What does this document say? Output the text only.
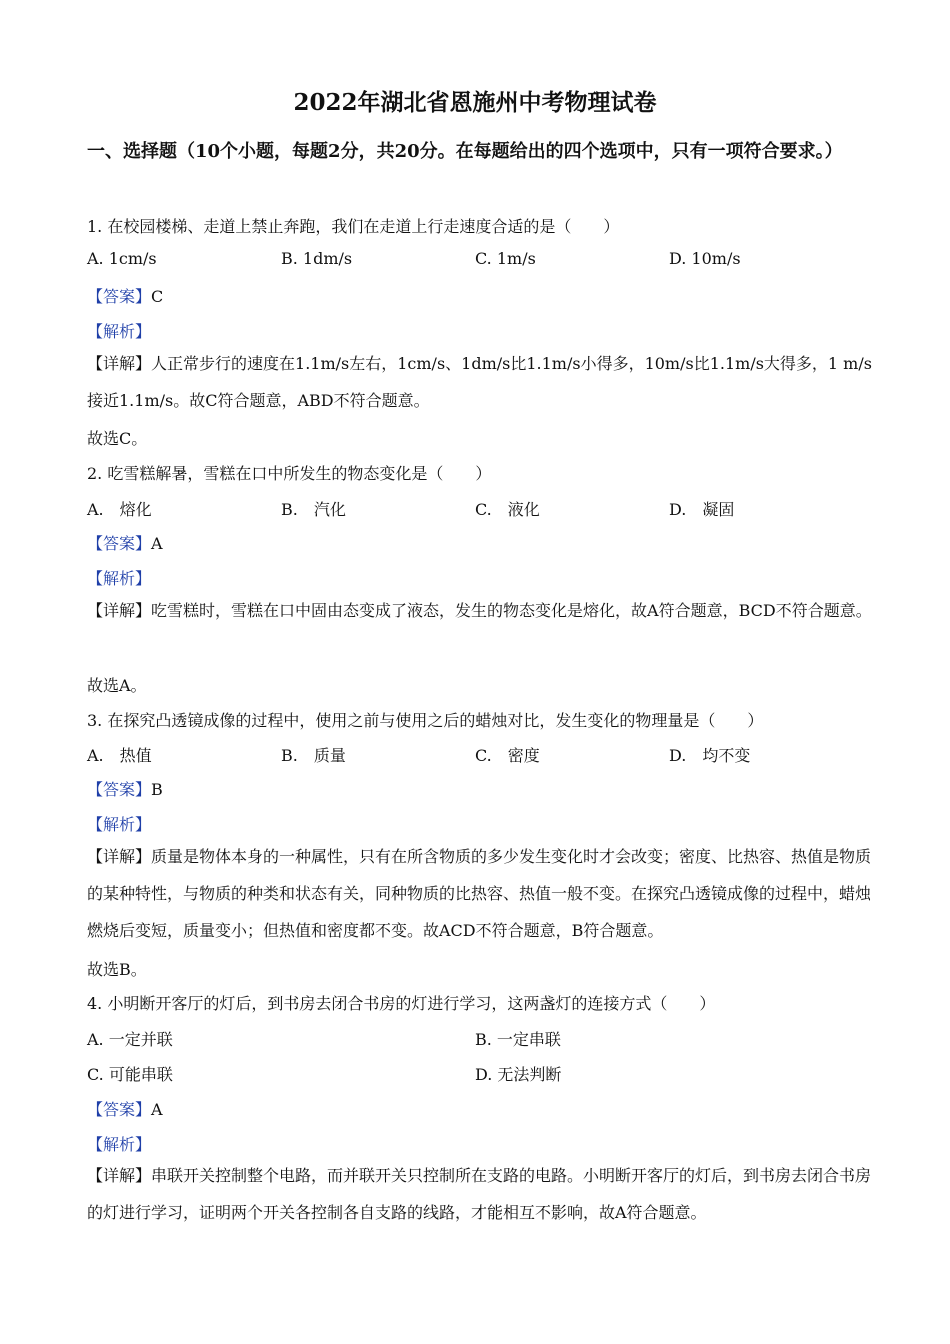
2022年湖北省恩施州中考物理试卷
一、选择题（10个小题，每题2分，共20分。在每题给出的四个选项中，只有一项符合要求。）
1. 在校园楼梯、走道上禁止奔跑，我们在走道上行走速度合适的是（　　）
A. 1cm/s	B. 1dm/s	C. 1m/s	D. 10m/s
【答案】C
【解析】
【详解】人正常步行的速度在1.1m/s左右，1cm/s、1dm/s比1.1m/s小得多，10m/s比1.1m/s大得多，1 m/s接近1.1m/s。故C符合题意，ABD不符合题意。
故选C。
2. 吃雪糕解暑，雪糕在口中所发生的物态变化是（　　）
A.　熔化	B.　汽化	C.　液化	D.　凝固
【答案】A
【解析】
【详解】吃雪糕时，雪糕在口中固由态变成了液态，发生的物态变化是熔化，故A符合题意，BCD不符合题意。
故选A。
3. 在探究凸透镜成像的过程中，使用之前与使用之后的蜡烛对比，发生变化的物理量是（　　）
A.　热值	B.　质量	C.　密度	D.　均不变
【答案】B
【解析】
【详解】质量是物体本身的一种属性，只有在所含物质的多少发生变化时才会改变；密度、比热容、热值是物质的某种特性，与物质的种类和状态有关，同种物质的比热容、热值一般不变。在探究凸透镜成像的过程中，蜡烛燃烧后变短，质量变小；但热值和密度都不变。故ACD不符合题意，B符合题意。
故选B。
4. 小明断开客厅的灯后，到书房去闭合书房的灯进行学习，这两盏灯的连接方式（　　）
A. 一定并联	B. 一定串联
C. 可能串联	D. 无法判断
【答案】A
【解析】
【详解】串联开关控制整个电路，而并联开关只控制所在支路的电路。小明断开客厅的灯后，到书房去闭合书房的灯进行学习，证明两个开关各控制各自支路的线路，才能相互不影响，故A符合题意。
